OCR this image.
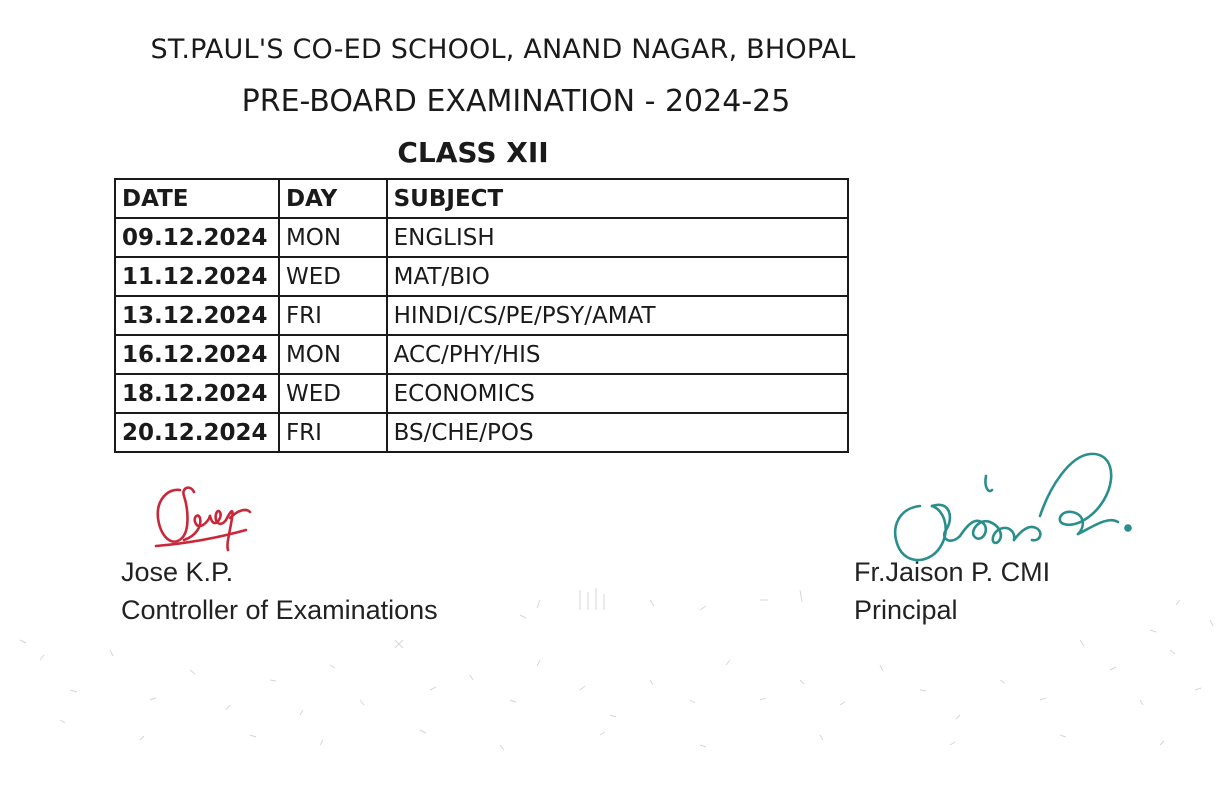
ST.PAUL'S CO-ED SCHOOL, ANAND NAGAR, BHOPAL
PRE-BOARD EXAMINATION - 2024-25
CLASS XII
DATE	DAY	SUBJECT
09.12.2024	MON	ENGLISH
11.12.2024	WED	MAT/BIO
13.12.2024	FRI	HINDI/CS/PE/PSY/AMAT
16.12.2024	MON	ACC/PHY/HIS
18.12.2024	WED	ECONOMICS
20.12.2024	FRI	BS/CHE/POS
Jose K.P.
Controller of Examinations
Fr.Jaison P. CMI
Principal
